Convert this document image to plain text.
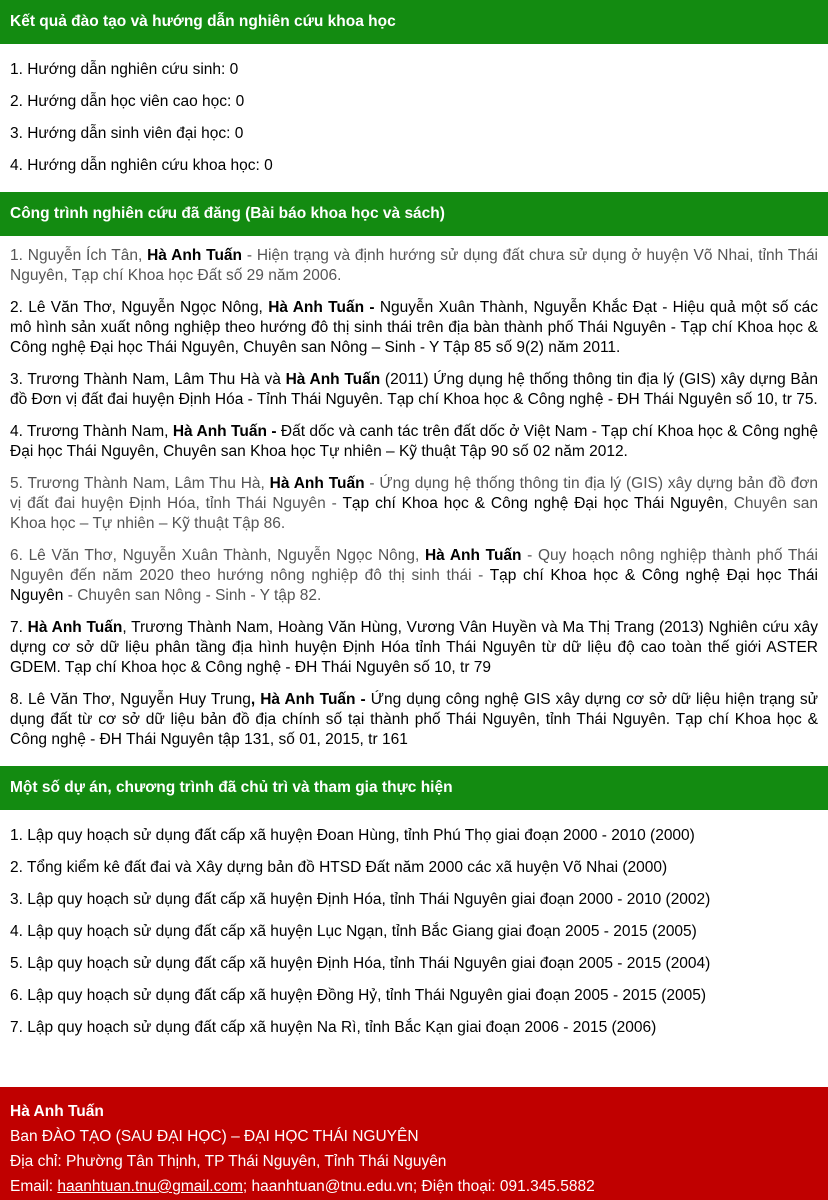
Kết quả đào tạo và hướng dẫn nghiên cứu khoa học
1. Hướng dẫn nghiên cứu sinh: 0
2. Hướng dẫn học viên cao học: 0
3. Hướng dẫn sinh viên đại học: 0
4. Hướng dẫn nghiên cứu khoa học: 0
Công trình nghiên cứu đã đăng (Bài báo khoa học và sách)
1. Nguyễn Ích Tân, Hà Anh Tuấn - Hiện trạng và định hướng sử dụng đất chưa sử dụng ở huyện Võ Nhai, tỉnh Thái Nguyên, Tạp chí Khoa học Đất số 29 năm 2006.
2. Lê Văn Thơ, Nguyễn Ngọc Nông, Hà Anh Tuấn - Nguyễn Xuân Thành, Nguyễn Khắc Đạt - Hiệu quả một số các mô hình sản xuất nông nghiệp theo hướng đô thị sinh thái trên địa bàn thành phố Thái Nguyên - Tạp chí Khoa học & Công nghệ Đại học Thái Nguyên, Chuyên san Nông – Sinh - Y Tập 85 số 9(2) năm 2011.
3. Trương Thành Nam, Lâm Thu Hà và Hà Anh Tuấn (2011) Ứng dụng hệ thống thông tin địa lý (GIS) xây dựng Bản đồ Đơn vị đất đai huyện Định Hóa - Tỉnh Thái Nguyên. Tạp chí Khoa học & Công nghệ - ĐH Thái Nguyên số 10, tr 75.
4. Trương Thành Nam, Hà Anh Tuấn - Đất dốc và canh tác trên đất dốc ở Việt Nam - Tạp chí Khoa học & Công nghệ Đại học Thái Nguyên, Chuyên san Khoa học Tự nhiên – Kỹ thuật Tập 90 số 02 năm 2012.
5. Trương Thành Nam, Lâm Thu Hà, Hà Anh Tuấn - Ứng dụng hệ thống thông tin địa lý (GIS) xây dựng bản đồ đơn vị đất đai huyện Định Hóa, tỉnh Thái Nguyên - Tạp chí Khoa học & Công nghệ Đại học Thái Nguyên, Chuyên san Khoa học – Tự nhiên – Kỹ thuật Tập 86.
6. Lê Văn Thơ, Nguyễn Xuân Thành, Nguyễn Ngọc Nông, Hà Anh Tuấn - Quy hoạch nông nghiệp thành phố Thái Nguyên đến năm 2020 theo hướng nông nghiệp đô thị sinh thái - Tạp chí Khoa học & Công nghệ Đại học Thái Nguyên - Chuyên san Nông - Sinh - Y tập 82.
7. Hà Anh Tuấn, Trương Thành Nam, Hoàng Văn Hùng, Vương Vân Huyền và Ma Thị Trang (2013) Nghiên cứu xây dựng cơ sở dữ liệu phân tầng địa hình huyện Định Hóa tỉnh Thái Nguyên từ dữ liệu độ cao toàn thế giới ASTER GDEM. Tạp chí Khoa học & Công nghệ - ĐH Thái Nguyên số 10, tr 79
8. Lê Văn Thơ, Nguyễn Huy Trung, Hà Anh Tuấn - Ứng dụng công nghệ GIS xây dựng cơ sở dữ liệu hiện trạng sử dụng đất từ cơ sở dữ liệu bản đồ địa chính số tại thành phố Thái Nguyên, tỉnh Thái Nguyên. Tạp chí Khoa học & Công nghệ - ĐH Thái Nguyên tập 131, số 01, 2015, tr 161
Một số dự án, chương trình đã chủ trì và tham gia thực hiện
1. Lập quy hoạch sử dụng đất cấp xã huyện Đoan Hùng, tỉnh Phú Thọ giai đoạn 2000 - 2010 (2000)
2. Tổng kiểm kê đất đai và Xây dựng bản đồ HTSD Đất năm 2000 các xã huyện Võ Nhai (2000)
3. Lập quy hoạch sử dụng đất cấp xã huyện Định Hóa, tỉnh Thái Nguyên giai đoạn 2000 - 2010 (2002)
4. Lập quy hoạch sử dụng đất cấp xã huyện Lục Ngạn, tỉnh Bắc Giang giai đoạn 2005 - 2015 (2005)
5. Lập quy hoạch sử dụng đất cấp xã huyện Định Hóa, tỉnh Thái Nguyên giai đoạn 2005 - 2015 (2004)
6. Lập quy hoạch sử dụng đất cấp xã huyện Đồng Hỷ, tỉnh Thái Nguyên giai đoạn 2005 - 2015 (2005)
7. Lập quy hoạch sử dụng đất cấp xã huyện Na Rì, tỉnh Bắc Kạn giai đoạn 2006 - 2015 (2006)
Hà Anh Tuấn
Ban ĐÀO TẠO (SAU ĐẠI HỌC) – ĐẠI HỌC THÁI NGUYÊN
Địa chỉ: Phường Tân Thịnh, TP Thái Nguyên, Tỉnh Thái Nguyên
Email: haanhtuan.tnu@gmail.com; haanhtuan@tnu.edu.vn; Điện thoại: 091.345.5882
